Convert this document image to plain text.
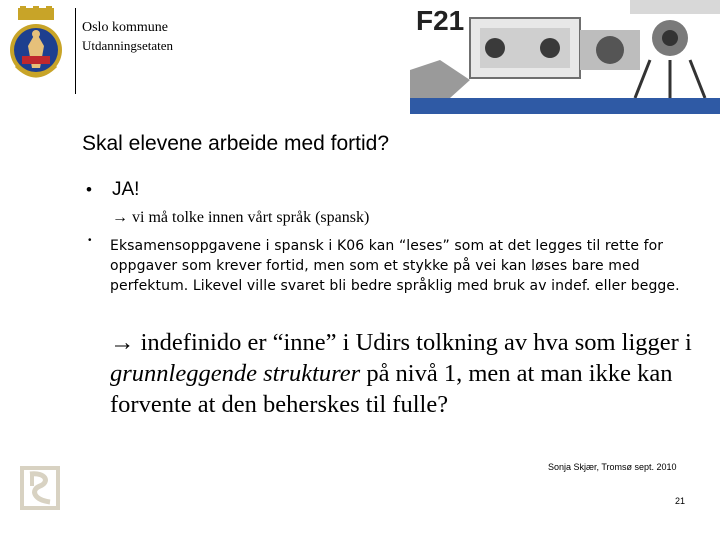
Oslo kommune
Utdanningsetaten
F21
Skal elevene arbeide med fortid?
• JA!
→ vi må tolke innen vårt språk (spansk)
• Eksamensoppgavene i spansk i K06 kan “leses” som at det legges til rette for oppgaver som krever fortid, men som et stykke på vei kan løses bare med perfektum. Likevel ville svaret bli bedre språklig med bruk av indef. eller begge.
→ indefinido er “inne” i Udirs tolkning av hva som ligger i grunnleggende strukturer på nivå 1, men at man ikke kan forvente at den beherskes til fulle?
Sonja Skjær, Tromsø sept. 2010
21
